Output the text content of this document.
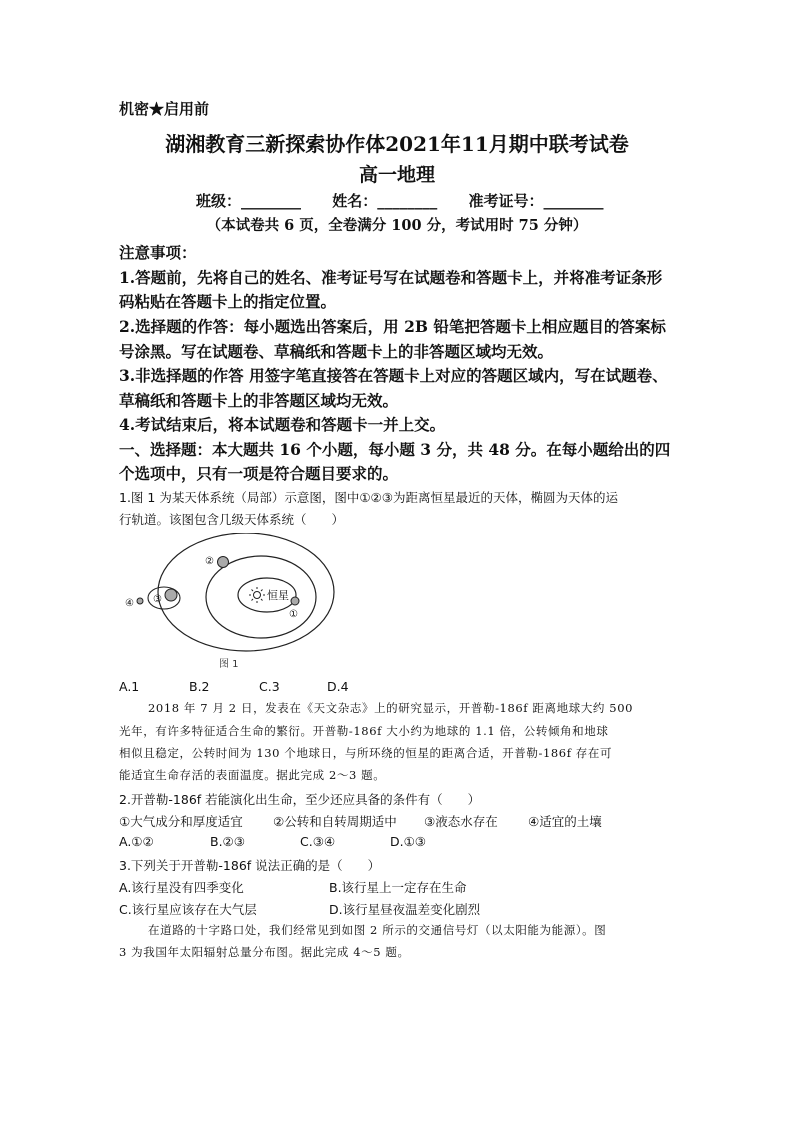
机密★启用前
湖湘教育三新探索协作体2021年11月期中联考试卷
高一地理
班级：________ 姓名：________ 准考证号：________
（本试卷共 6 页，全卷满分 100 分，考试用时 75 分钟）
注意事项：
1.答题前，先将自己的姓名、准考证号写在试题卷和答题卡上，并将准考证条形
码粘贴在答题卡上的指定位置。
2.选择题的作答：每小题选出答案后，用 2B 铅笔把答题卡上相应题目的答案标
号涂黑。写在试题卷、草稿纸和答题卡上的非答题区域均无效。
3.非选择题的作答 用签字笔直接答在答题卡上对应的答题区域内，写在试题卷、
草稿纸和答题卡上的非答题区域均无效。
4.考试结束后，将本试题卷和答题卡一并上交。
一、选择题：本大题共 16 个小题，每小题 3 分，共 48 分。在每小题给出的四
个选项中，只有一项是符合题目要求的。
1.图 1 为某天体系统（局部）示意图，图中①②③为距离恒星最近的天体，椭圆为天体的运
行轨道。该图包含几级天体系统（　　）
恒星
①
②
③
④
图 1
A.1	B.2	C.3	D.4
2018 年 7 月 2 日，发表在《天文杂志》上的研究显示，开普勒-186f 距离地球大约 500
光年，有许多特征适合生命的繁衍。开普勒-186f 大小约为地球的 1.1 倍，公转倾角和地球
相似且稳定，公转时间为 130 个地球日，与所环绕的恒星的距离合适，开普勒-186f 存在可
能适宜生命存活的表面温度。据此完成 2～3 题。
2.开普勒-186f 若能演化出生命，至少还应具备的条件有（　　）
①大气成分和厚度适宜 ②公转和自转周期适中 ③液态水存在 ④适宜的土壤
A.①②	B.②③	C.③④	D.①③
3.下列关于开普勒-186f 说法正确的是（　　）
A.该行星没有四季变化	B.该行星上一定存在生命
C.该行星应该存在大气层	D.该行星昼夜温差变化剧烈
在道路的十字路口处，我们经常见到如图 2 所示的交通信号灯（以太阳能为能源）。图
3 为我国年太阳辐射总量分布图。据此完成 4～5 题。
